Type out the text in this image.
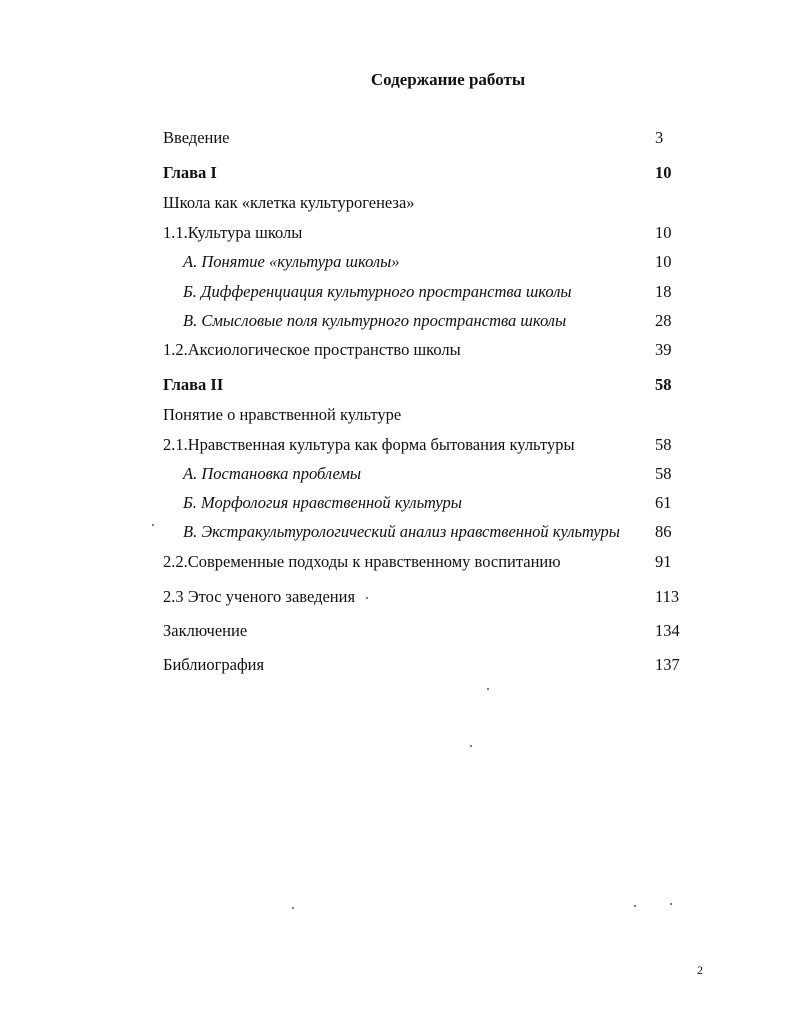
Содержание работы
Введение	3
Глава I	10
Школа как «клетка культурогенеза»
1.1.Культура школы	10
А. Понятие «культура школы»	10
Б. Дифференциация культурного пространства школы	18
В. Смысловые поля культурного пространства школы	28
1.2.Аксиологическое пространство школы	39
Глава II	58
Понятие о нравственной культуре
2.1.Нравственная культура как форма бытования культуры	58
А. Постановка проблемы	58
Б. Морфология нравственной культуры	61
В. Экстракультурологический анализ нравственной культуры 86
2.2.Современные подходы к нравственному воспитанию	91
2.3 Этос ученого заведения	113
Заключение	134
Библиография	137
2
